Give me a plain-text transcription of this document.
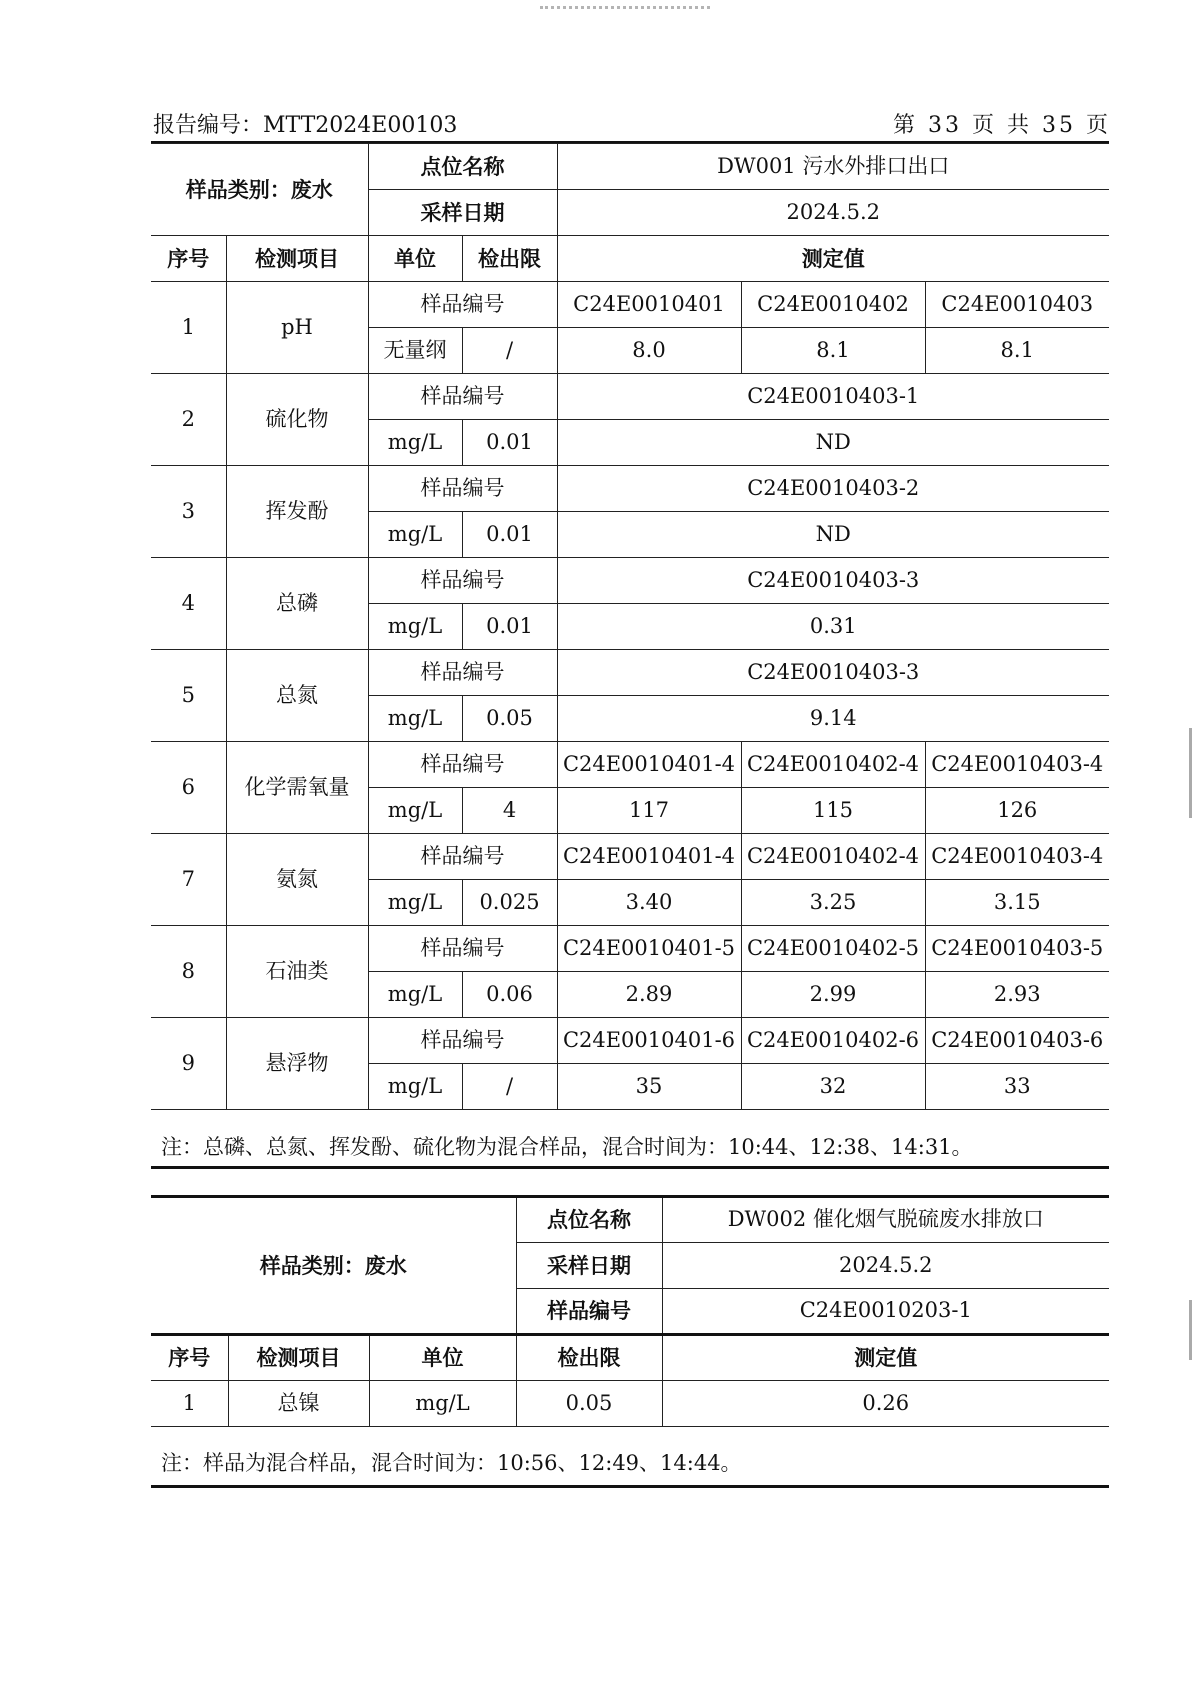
报告编号：MTT2024E00103	第 33 页 共 35 页
样品类别：废水		点位名称		DW001 污水外排口出口		
		采样日期		2024.5.2		
序号	检测项目	单位	检出限	测定值		
1	pH	样品编号		C24E0010401	C24E0010402	C24E0010403
		无量纲	/	8.0	8.1	8.1
2	硫化物	样品编号		C24E0010403-1		
		mg/L	0.01	ND		
3	挥发酚	样品编号		C24E0010403-2		
		mg/L	0.01	ND		
4	总磷	样品编号		C24E0010403-3		
		mg/L	0.01	0.31		
5	总氮	样品编号		C24E0010403-3		
		mg/L	0.05	9.14		
6	化学需氧量	样品编号		C24E0010401-4	C24E0010402-4	C24E0010403-4
		mg/L	4	117	115	126
7	氨氮	样品编号		C24E0010401-4	C24E0010402-4	C24E0010403-4
		mg/L	0.025	3.40	3.25	3.15
8	石油类	样品编号		C24E0010401-5	C24E0010402-5	C24E0010403-5
		mg/L	0.06	2.89	2.99	2.93
9	悬浮物	样品编号		C24E0010401-6	C24E0010402-6	C24E0010403-6
		mg/L	/	35	32	33
注：总磷、总氮、挥发酚、硫化物为混合样品，混合时间为：10:44、12:38、14:31。
样品类别：废水			点位名称	DW002 催化烟气脱硫废水排放口
			采样日期	2024.5.2
			样品编号	C24E0010203-1
序号	检测项目	单位	检出限	测定值
1	总镍	mg/L	0.05	0.26
注：样品为混合样品，混合时间为：10:56、12:49、14:44。
